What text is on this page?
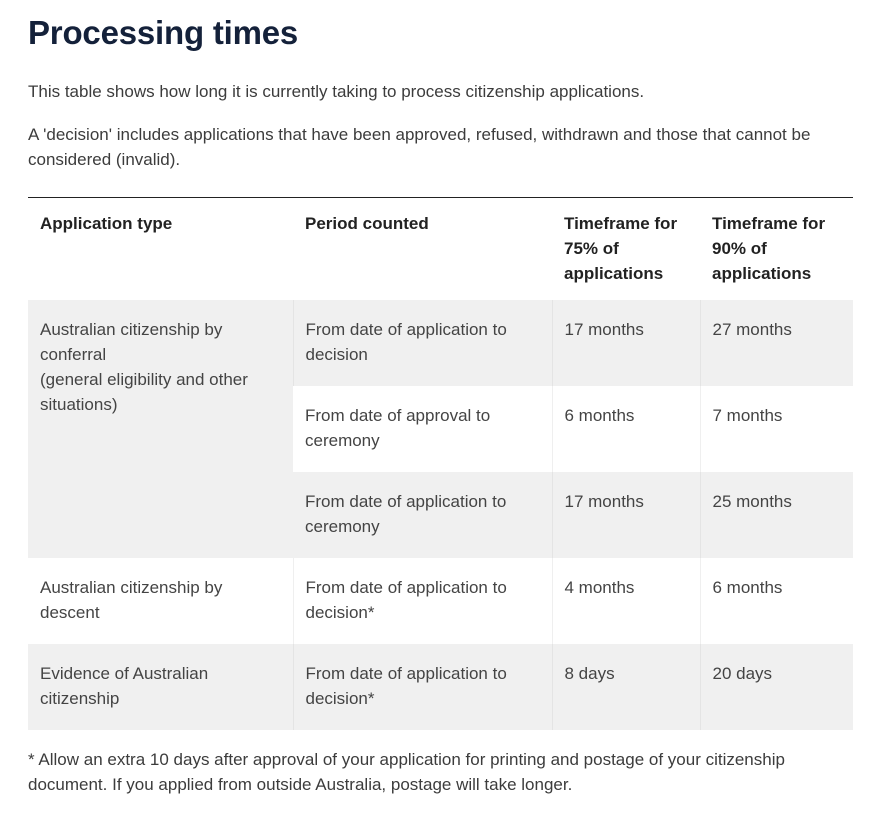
Processing times

This table shows how long it is currently taking to process citizenship applications.

A 'decision' includes applications that have been approved, refused, withdrawn and those that cannot be considered (invalid).

Application type	Period counted	Timeframe for 75% of applications	Timeframe for  90% of applications
Australian citizenship by conferral
(general eligibility and other situations)	From date of application to decision	17 months	27 months
	From date of approval to ceremony	6 months	7 months
	From date of application to ceremony	17 months	25 months
Australian citizenship by descent	From date of application to decision*	4 months	6 months
Evidence of Australian citizenship	From date of application to decision*	8 days	20 days

* Allow an extra 10 days after approval of your application for printing and postage of your citizenship document. If you applied from outside Australia, postage will take longer.
